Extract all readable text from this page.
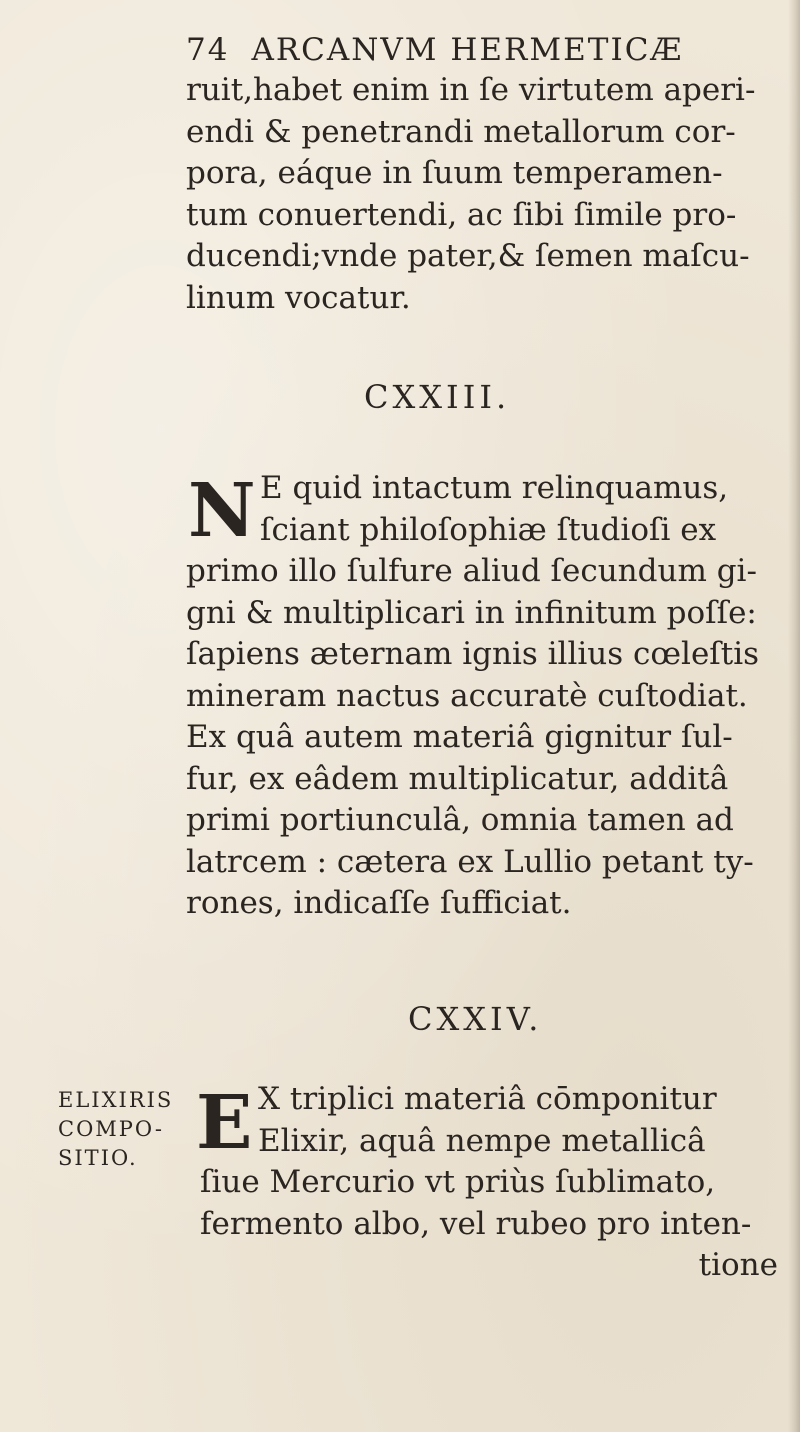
74 ARCANVM HERMETICÆ
ruit,habet enim in ſe virtutem aperi-
endi & penetrandi metallorum cor-
pora, eáque in ſuum temperamen-
tum conuertendi, ac ſibi ſimile pro-
ducendi;vnde pater,& ſemen maſcu-
linum vocatur.
CXXIII.
N E quid intactum relinquamus,
ſciant philoſophiæ ſtudioſi ex
primo illo ſulfure aliud ſecundum gi-
gni & multiplicari in infinitum poſſe:
ſapiens æternam ignis illius cœleſtis
mineram nactus accuratè cuſtodiat.
Ex quâ autem materiâ gignitur ſul-
fur, ex eâdem multiplicatur, additâ
primi portiunculâ, omnia tamen ad
latrcem : cætera ex Lullio petant ty-
rones, indicaſſe ſufficiat.
CXXIV.
ELIXIRIS
COMPO-
SITIO. E X triplici materiâ cōmponitur
Elixir, aquâ nempe metallicâ
ſiue Mercurio vt priùs ſublimato,
fermento albo, vel rubeo pro inten-
tione
